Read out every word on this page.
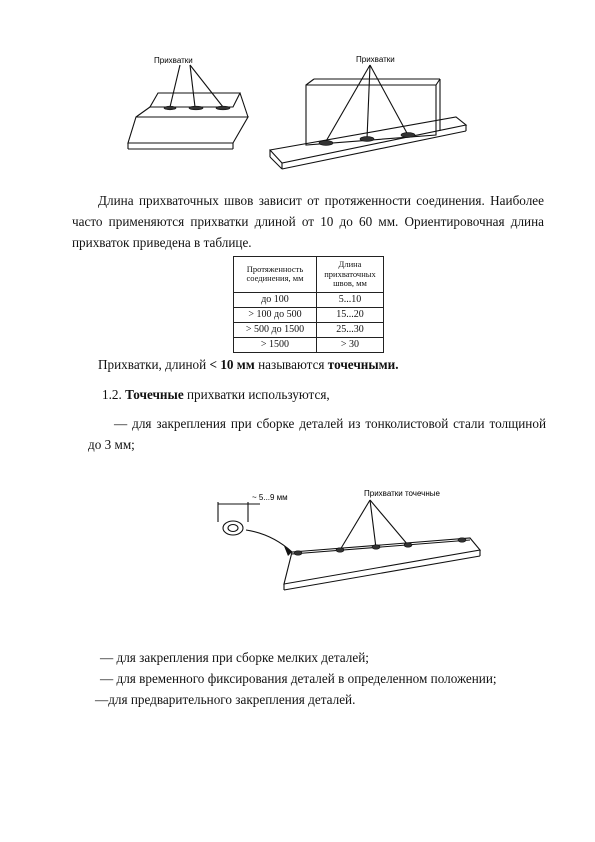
Прихватки	Прихватки

Длина прихваточных швов зависит от протяженности соединения. Наиболее часто применяются прихватки длиной от 10 до 60 мм. Ориентировочная длина прихваток приведена в таблице.

Протяженность соединения, мм	Длина прихваточных швов, мм
до 100	5...10
> 100 до 500	15...20
> 500 до 1500	25...30
> 1500	> 30

Прихватки, длиной < 10 мм называются точечными.

1.2. Точечные прихватки используются,

— для закрепления при сборке деталей из тонколистовой стали толщиной до 3 мм;

~ 5...9 мм	Прихватки точечные

— для закрепления при сборке мелких деталей;

— для временного фиксирования деталей в определенном положении;

—для предварительного закрепления деталей.
